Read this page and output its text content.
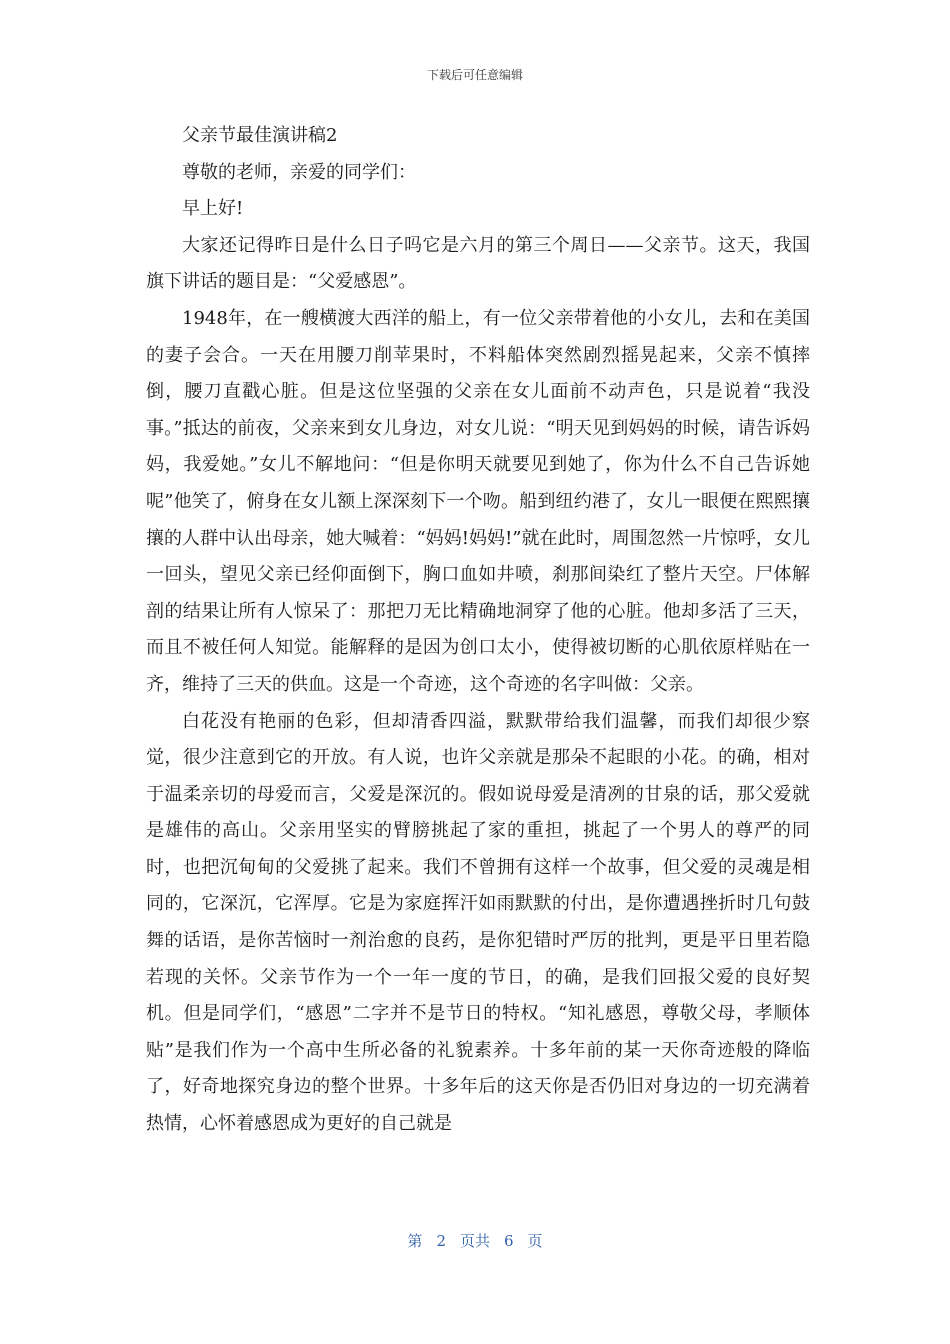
下载后可任意编辑

父亲节最佳演讲稿2

尊敬的老师，亲爱的同学们：

早上好!

大家还记得昨日是什么日子吗它是六月的第三个周日——父亲节。这天，我国旗下讲话的题目是：“父爱感恩”。

1948年，在一艘横渡大西洋的船上，有一位父亲带着他的小女儿，去和在美国的妻子会合。一天在用腰刀削苹果时，不料船体突然剧烈摇晃起来，父亲不慎摔倒，腰刀直戳心脏。但是这位坚强的父亲在女儿面前不动声色，只是说着“我没事。”抵达的前夜，父亲来到女儿身边，对女儿说：“明天见到妈妈的时候，请告诉妈妈，我爱她。”女儿不解地问：“但是你明天就要见到她了，你为什么不自己告诉她呢”他笑了，俯身在女儿额上深深刻下一个吻。船到纽约港了，女儿一眼便在熙熙攘攘的人群中认出母亲，她大喊着：“妈妈!妈妈!”就在此时，周围忽然一片惊呼，女儿一回头，望见父亲已经仰面倒下，胸口血如井喷，刹那间染红了整片天空。尸体解剖的结果让所有人惊呆了：那把刀无比精确地洞穿了他的心脏。他却多活了三天，而且不被任何人知觉。能解释的是因为创口太小，使得被切断的心肌依原样贴在一齐，维持了三天的供血。这是一个奇迹，这个奇迹的名字叫做：父亲。

白花没有艳丽的色彩，但却清香四溢，默默带给我们温馨，而我们却很少察觉，很少注意到它的开放。有人说，也许父亲就是那朵不起眼的小花。的确，相对于温柔亲切的母爱而言，父爱是深沉的。假如说母爱是清冽的甘泉的话，那父爱就是雄伟的高山。父亲用坚实的臂膀挑起了家的重担，挑起了一个男人的尊严的同时，也把沉甸甸的父爱挑了起来。我们不曾拥有这样一个故事，但父爱的灵魂是相同的，它深沉，它浑厚。它是为家庭挥汗如雨默默的付出，是你遭遇挫折时几句鼓舞的话语，是你苦恼时一剂治愈的良药，是你犯错时严厉的批判，更是平日里若隐若现的关怀。父亲节作为一个一年一度的节日，的确，是我们回报父爱的良好契机。但是同学们，“感恩”二字并不是节日的特权。“知礼感恩，尊敬父母，孝顺体贴”是我们作为一个高中生所必备的礼貌素养。十多年前的某一天你奇迹般的降临了，好奇地探究身边的整个世界。十多年后的这天你是否仍旧对身边的一切充满着热情，心怀着感恩成为更好的自己就是

第 2 页共 6 页
